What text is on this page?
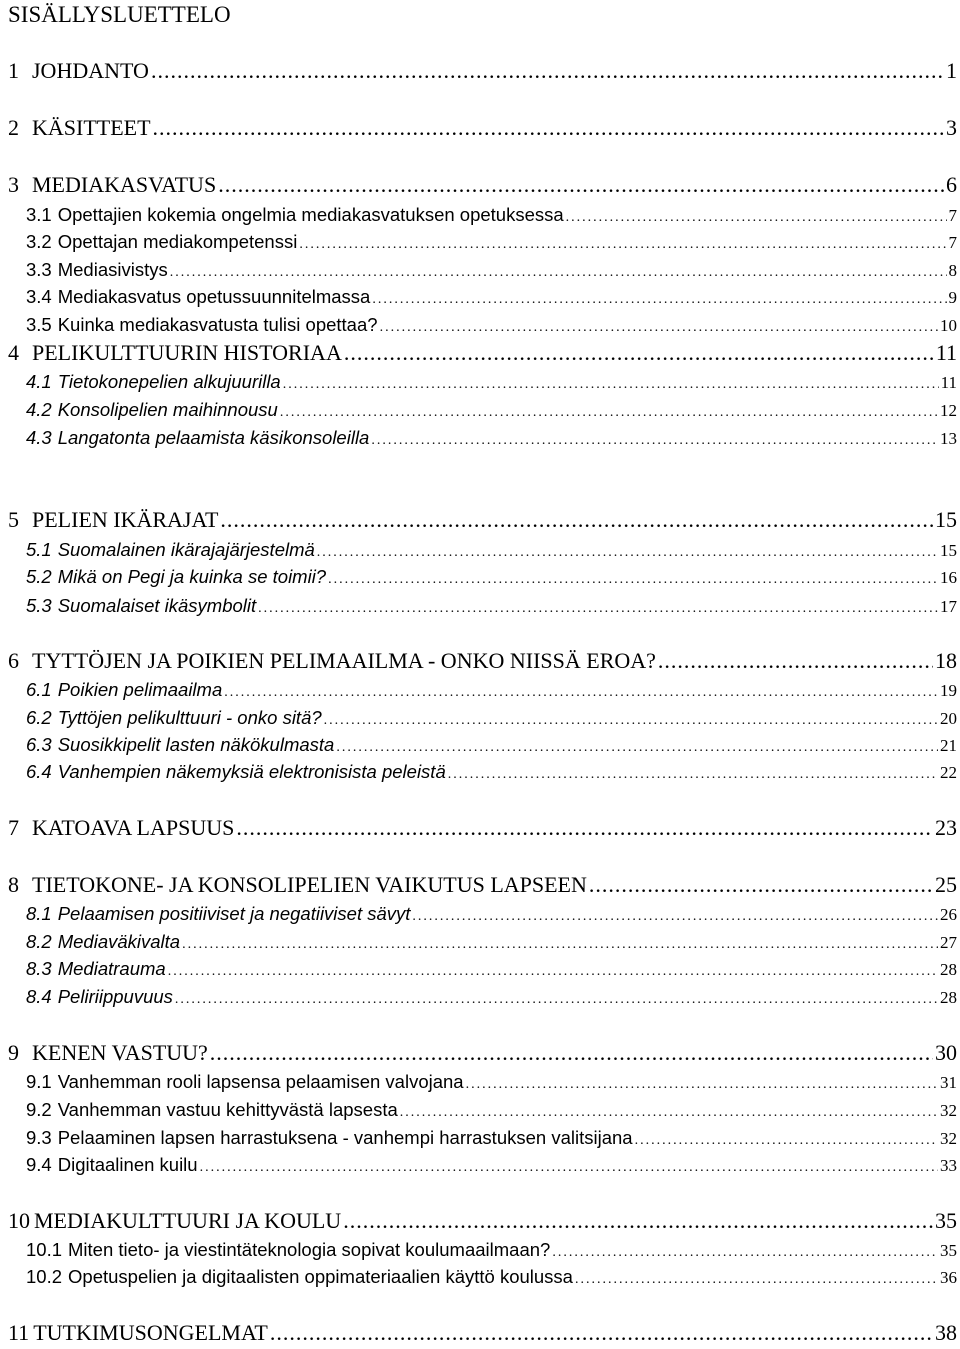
SISÄLLYSLUETTELO
1 JOHDANTO .....	1
2 KÄSITTEET .....	3
3 MEDIAKASVATUS .....	6
3.1 Opettajien kokemia ongelmia mediakasvatuksen opetuksessa .....	7
3.2 Opettajan mediakompetenssi .....	7
3.3 Mediasivistys .....	8
3.4 Mediakasvatus opetussuunnitelmassa .....	9
3.5 Kuinka mediakasvatusta tulisi opettaa? .....	10
4 PELIKULTTUURIN HISTORIAA .....	11
4.1 Tietokonepelien alkujuurilla .....	11
4.2 Konsolipelien maihinnousu .....	12
4.3 Langatonta pelaamista käsikonsoleilla .....	13
5 PELIEN IKÄRAJAT .....	15
5.1 Suomalainen ikärajajärjestelmä .....	15
5.2 Mikä on Pegi ja kuinka se toimii? .....	16
5.3 Suomalaiset ikäsymbolit .....	17
6 TYTTÖJEN JA POIKIEN PELIMAAILMA - ONKO NIISSÄ EROA? .....	18
6.1 Poikien pelimaailma .....	19
6.2 Tyttöjen pelikulttuuri - onko sitä? .....	20
6.3 Suosikkipelit lasten näkökulmasta .....	21
6.4 Vanhempien näkemyksiä elektronisista peleistä .....	22
7 KATOAVA LAPSUUS .....	23
8 TIETOKONE- JA KONSOLIPELIEN VAIKUTUS LAPSEEN .....	25
8.1 Pelaamisen positiiviset ja negatiiviset sävyt .....	26
8.2 Mediaväkivalta .....	27
8.3 Mediatrauma .....	28
8.4 Peliriippuvuus .....	28
9 KENEN VASTUU? .....	30
9.1 Vanhemman rooli lapsensa pelaamisen valvojana .....	31
9.2 Vanhemman vastuu kehittyvästä lapsesta .....	32
9.3 Pelaaminen lapsen harrastuksena - vanhempi harrastuksen valitsijana .....	32
9.4 Digitaalinen kuilu .....	33
10 MEDIAKULTTUURI JA KOULU .....	35
10.1 Miten tieto- ja viestintäteknologia sopivat koulumaailmaan? .....	35
10.2 Opetuspelien ja digitaalisten oppimateriaalien käyttö koulussa .....	36
11 TUTKIMUSONGELMAT .....	38
